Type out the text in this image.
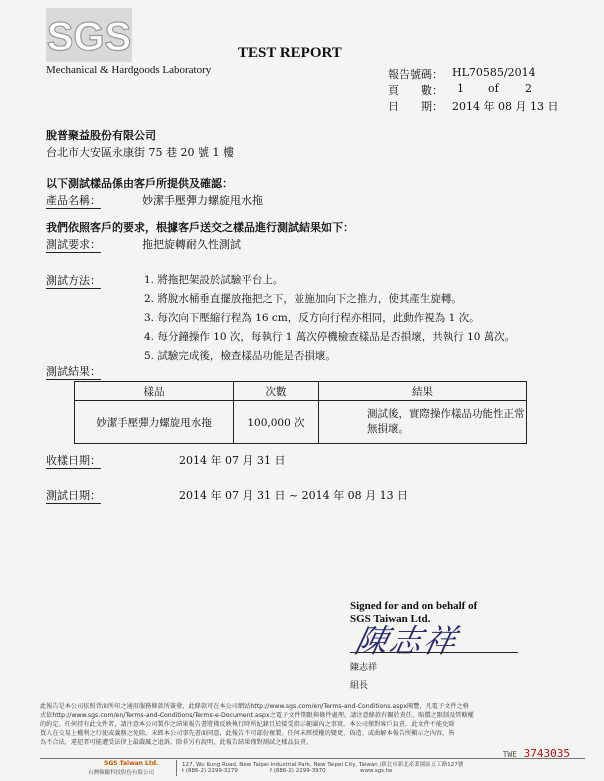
SGS
Mechanical & Hardgoods Laboratory
TEST REPORT
報告號碼： HL70585/2014
頁　　數： 1 of 2
日　　期： 2014 年 08 月 13 日
脫普聚益股份有限公司
台北市大安區永康街 75 巷 20 號 1 樓
以下測試樣品係由客戶所提供及確認：
產品名稱：	妙潔手壓彈力螺旋甩水拖
我們依照客戶的要求，根據客戶送交之樣品進行測試結果如下：
測試要求：	拖把旋轉耐久性測試
測試方法：	1. 將拖把架設於試驗平台上。
2. 將脫水桶垂直擺放拖把之下，並施加向下之推力，使其產生旋轉。
3. 每次向下壓縮行程為 16 cm，反方向行程亦相同，此動作視為 1 次。
4. 每分鐘操作 10 次，每執行 1 萬次停機檢查樣品是否損壞，共執行 10 萬次。
5. 試驗完成後，檢查樣品功能是否損壞。
測試結果：
樣品	次數	結果
妙潔手壓彈力螺旋甩水拖	100,000 次	測試後，實際操作樣品功能性正常
無損壞。
收樣日期：	2014 年 07 月 31 日
測試日期：	2014 年 07 月 31 日 ~ 2014 年 08 月 13 日
Signed for and on behalf of
SGS Taiwan Ltd.
陳志祥
陳志祥
組長
此報告是本公司依照背面所印之通用服務條款所簽發，此條款可在本公司網站http://www.sgs.com/en/Terms-and-Conditions.aspx閱覽，凡電子文件之格
式依http://www.sgs.com/en/Terms-and-Conditions/Terms-e-Document.aspx之電子文件期限與條件處理。請注意條款有關於責任、賠償之限制及管轄權
的約定。任何持有此文件者，請注意本公司製作之結果報告書將僅反映執行時所紀錄且於接受指示範圍內之事實。本公司僅對客戶負責，此文件不能免除
買人在交易上權利之行使或義務之免除。未經本公司事先書面同意，此報告不可部份複製。任何未經授權的變更、偽造、或曲解本報告所顯示之內容，皆
為不合法，違犯者可能遭受法律上最嚴厲之追訴。除非另有說明，此報告結果僅對測試之樣品負責。
TWE 3743035
SGS Taiwan Ltd.
台灣檢驗科技股份有限公司
127, Wu Kung Road, New Taipei Industrial Park, New Taipei City, Taiwan /新北市新北產業園區五工路127號
t (886-2) 2299-3279	f (886-2) 2299-3970	www.sgs.tw
